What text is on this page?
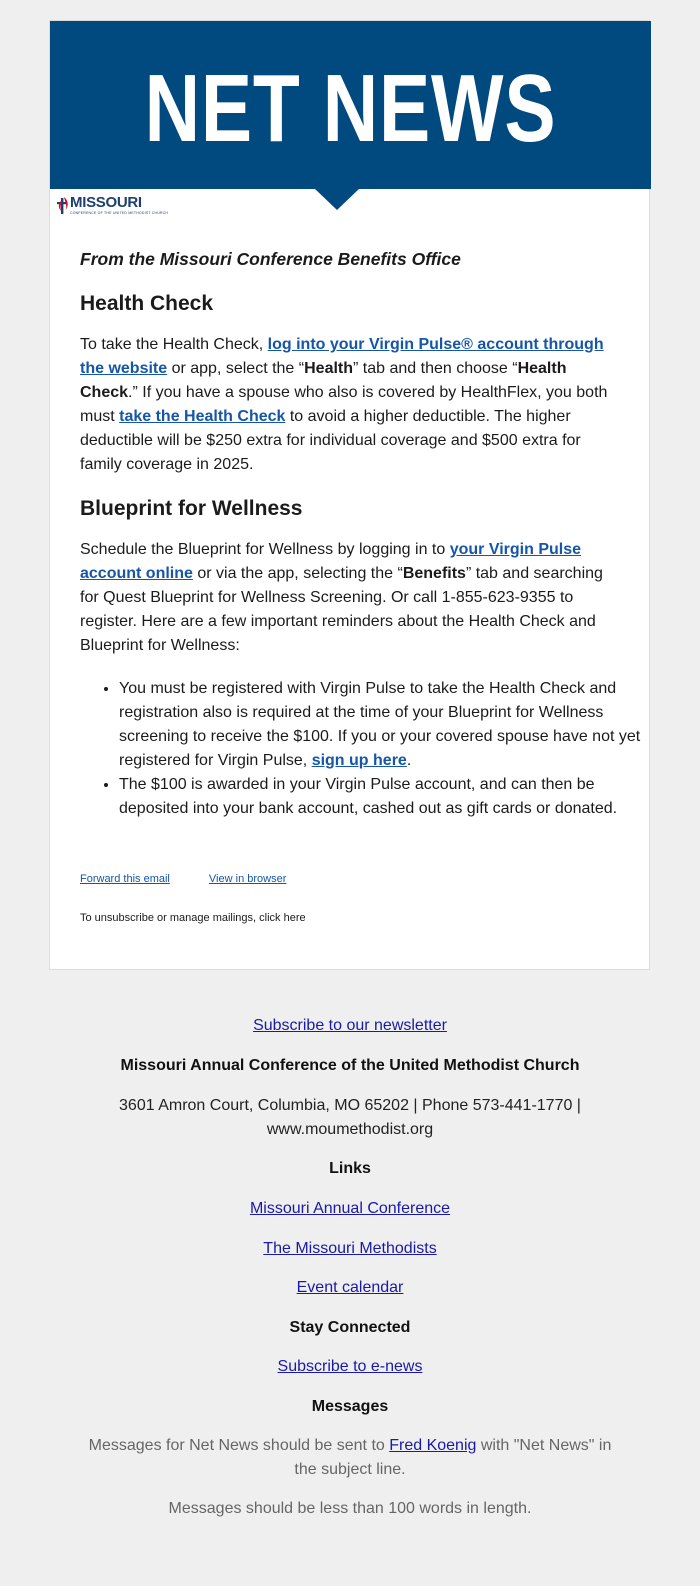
NET NEWS
MISSOURI
CONFERENCE OF THE UNITED METHODIST CHURCH

From the Missouri Conference Benefits Office

Health Check

To take the Health Check, log into your Virgin Pulse® account through the website or app, select the “Health” tab and then choose “Health Check.” If you have a spouse who also is covered by HealthFlex, you both must take the Health Check to avoid a higher deductible. The higher deductible will be $250 extra for individual coverage and $500 extra for family coverage in 2025.

Blueprint for Wellness

Schedule the Blueprint for Wellness by logging in to your Virgin Pulse account online or via the app, selecting the “Benefits” tab and searching for Quest Blueprint for Wellness Screening. Or call 1-855-623-9355 to register. Here are a few important reminders about the Health Check and Blueprint for Wellness:

• You must be registered with Virgin Pulse to take the Health Check and registration also is required at the time of your Blueprint for Wellness screening to receive the $100. If you or your covered spouse have not yet registered for Virgin Pulse, sign up here.
• The $100 is awarded in your Virgin Pulse account, and can then be deposited into your bank account, cashed out as gift cards or donated.
Forward this email	View in browser
To unsubscribe or manage mailings, click here
Subscribe to our newsletter
Missouri Annual Conference of the United Methodist Church
3601 Amron Court, Columbia, MO 65202 | Phone 573-441-1770 |
www.moumethodist.org
Links
Missouri Annual Conference
The Missouri Methodists
Event calendar
Stay Connected
Subscribe to e-news
Messages
Messages for Net News should be sent to Fred Koenig with "Net News" in
the subject line.
Messages should be less than 100 words in length.
